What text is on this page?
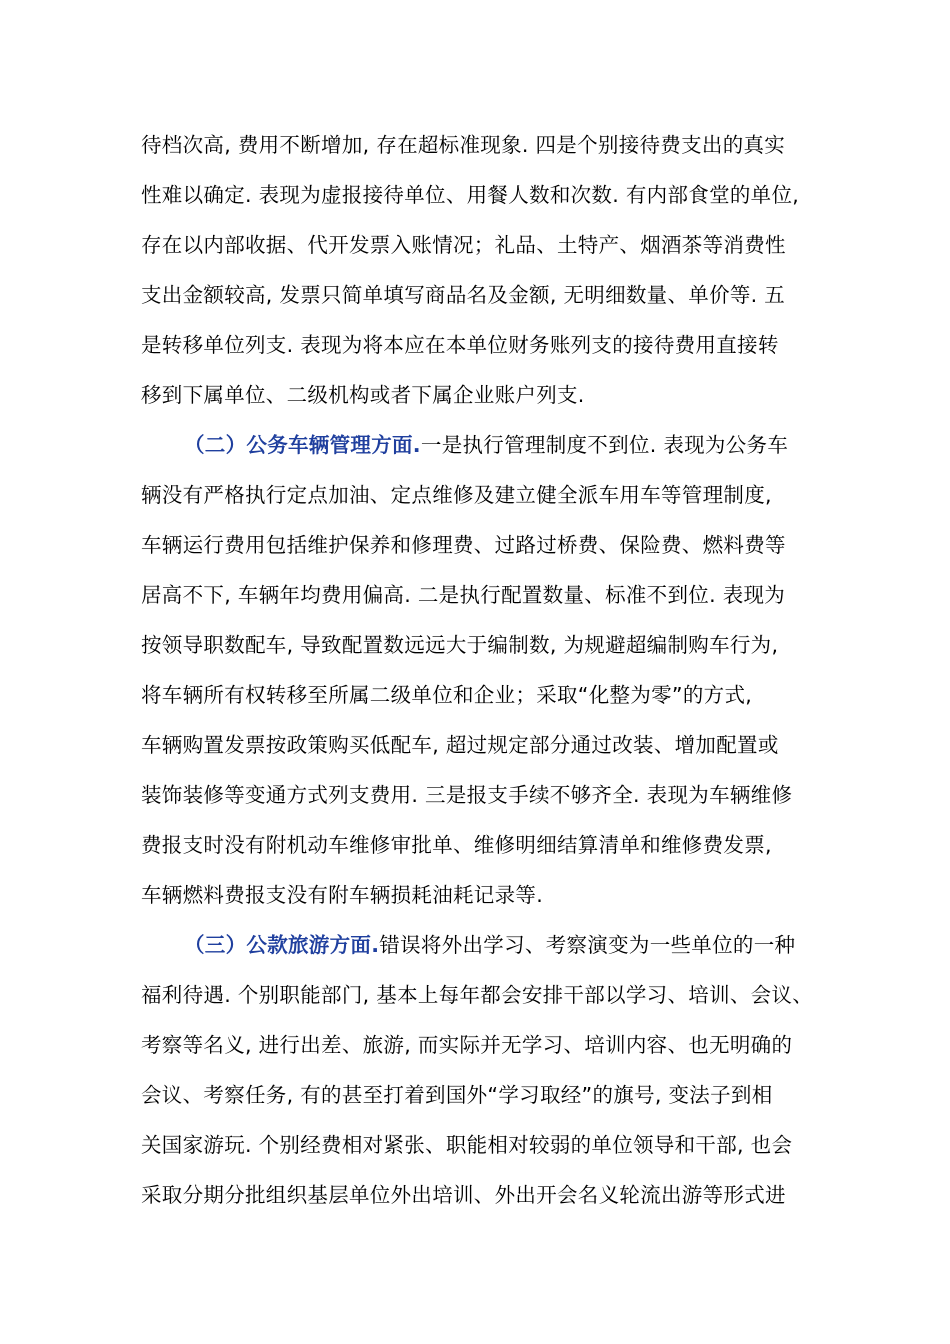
待档次高, 费用不断增加, 存在超标准现象. 四是个别接待费支出的真实
性难以确定. 表现为虚报接待单位、用餐人数和次数. 有内部食堂的单位,
存在以内部收据、代开发票入账情况；礼品、土特产、烟酒茶等消费性
支出金额较高, 发票只简单填写商品名及金额, 无明细数量、单价等. 五
是转移单位列支. 表现为将本应在本单位财务账列支的接待费用直接转
移到下属单位、二级机构或者下属企业账户列支.
（二）公务车辆管理方面.一是执行管理制度不到位. 表现为公务车
辆没有严格执行定点加油、定点维修及建立健全派车用车等管理制度,
车辆运行费用包括维护保养和修理费、过路过桥费、保险费、燃料费等
居高不下, 车辆年均费用偏高. 二是执行配置数量、标准不到位. 表现为
按领导职数配车, 导致配置数远远大于编制数, 为规避超编制购车行为,
将车辆所有权转移至所属二级单位和企业；采取“化整为零”的方式,
车辆购置发票按政策购买低配车, 超过规定部分通过改装、增加配置或
装饰装修等变通方式列支费用. 三是报支手续不够齐全. 表现为车辆维修
费报支时没有附机动车维修审批单、维修明细结算清单和维修费发票,
车辆燃料费报支没有附车辆损耗油耗记录等.
（三）公款旅游方面.错误将外出学习、考察演变为一些单位的一种
福利待遇. 个别职能部门, 基本上每年都会安排干部以学习、培训、会议、
考察等名义, 进行出差、旅游, 而实际并无学习、培训内容、也无明确的
会议、考察任务, 有的甚至打着到国外“学习取经”的旗号, 变法子到相
关国家游玩. 个别经费相对紧张、职能相对较弱的单位领导和干部, 也会
采取分期分批组织基层单位外出培训、外出开会名义轮流出游等形式进
